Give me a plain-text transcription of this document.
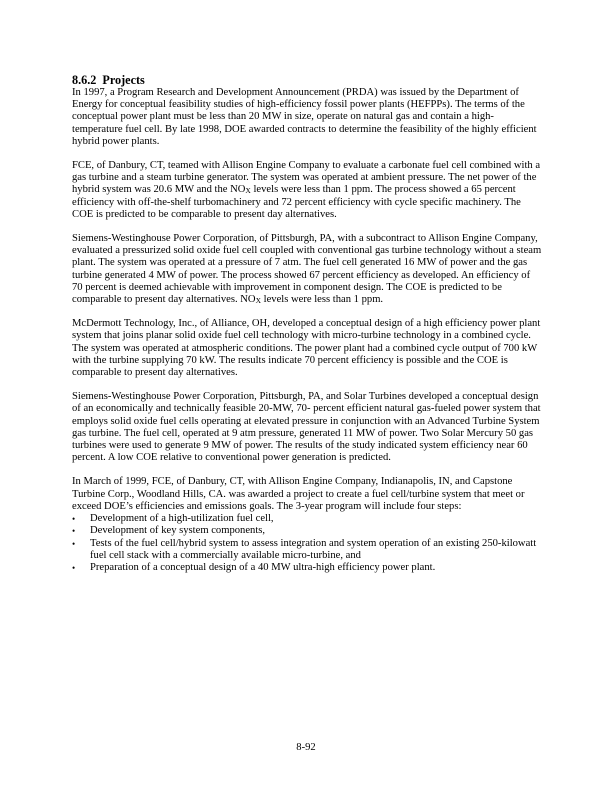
8.6.2 Projects

In 1997, a Program Research and Development Announcement (PRDA) was issued by the Department of Energy for conceptual feasibility studies of high-efficiency fossil power plants (HEFPPs). The terms of the conceptual power plant must be less than 20 MW in size, operate on natural gas and contain a high-temperature fuel cell. By late 1998, DOE awarded contracts to determine the feasibility of the highly efficient hybrid power plants.

FCE, of Danbury, CT, teamed with Allison Engine Company to evaluate a carbonate fuel cell combined with a gas turbine and a steam turbine generator. The system was operated at ambient pressure. The net power of the hybrid system was 20.6 MW and the $NO_X$ levels were less than 1 ppm. The process showed a 65 percent efficiency with off-the-shelf turbomachinery and 72 percent efficiency with cycle specific machinery. The COE is predicted to be comparable to present day alternatives.

Siemens-Westinghouse Power Corporation, of Pittsburgh, PA, with a subcontract to Allison Engine Company, evaluated a pressurized solid oxide fuel cell coupled with conventional gas turbine technology without a steam plant. The system was operated at a pressure of 7 atm. The fuel cell generated 16 MW of power and the gas turbine generated 4 MW of power. The process showed 67 percent efficiency as developed. An efficiency of 70 percent is deemed achievable with improvement in component design. The COE is predicted to be comparable to present day alternatives. $NO_X$ levels were less than 1 ppm.

McDermott Technology, Inc., of Alliance, OH, developed a conceptual design of a high efficiency power plant system that joins planar solid oxide fuel cell technology with micro-turbine technology in a combined cycle. The system was operated at atmospheric conditions. The power plant had a combined cycle output of 700 kW with the turbine supplying 70 kW. The results indicate 70 percent efficiency is possible and the COE is comparable to present day alternatives.

Siemens-Westinghouse Power Corporation, Pittsburgh, PA, and Solar Turbines developed a conceptual design of an economically and technically feasible 20-MW, 70- percent efficient natural gas-fueled power system that employs solid oxide fuel cells operating at elevated pressure in conjunction with an Advanced Turbine System gas turbine. The fuel cell, operated at 9 atm pressure, generated 11 MW of power. Two Solar Mercury 50 gas turbines were used to generate 9 MW of power. The results of the study indicated system efficiency near 60 percent. A low COE relative to conventional power generation is predicted.

In March of 1999, FCE, of Danbury, CT, with Allison Engine Company, Indianapolis, IN, and Capstone Turbine Corp., Woodland Hills, CA. was awarded a project to create a fuel cell/turbine system that meet or exceed DOE’s efficiencies and emissions goals. The 3-year program will include four steps:

• Development of a high-utilization fuel cell,
• Development of key system components,
• Tests of the fuel cell/hybrid system to assess integration and system operation of an existing 250-kilowatt fuel cell stack with a commercially available micro-turbine, and
• Preparation of a conceptual design of a 40 MW ultra-high efficiency power plant.
8-92
